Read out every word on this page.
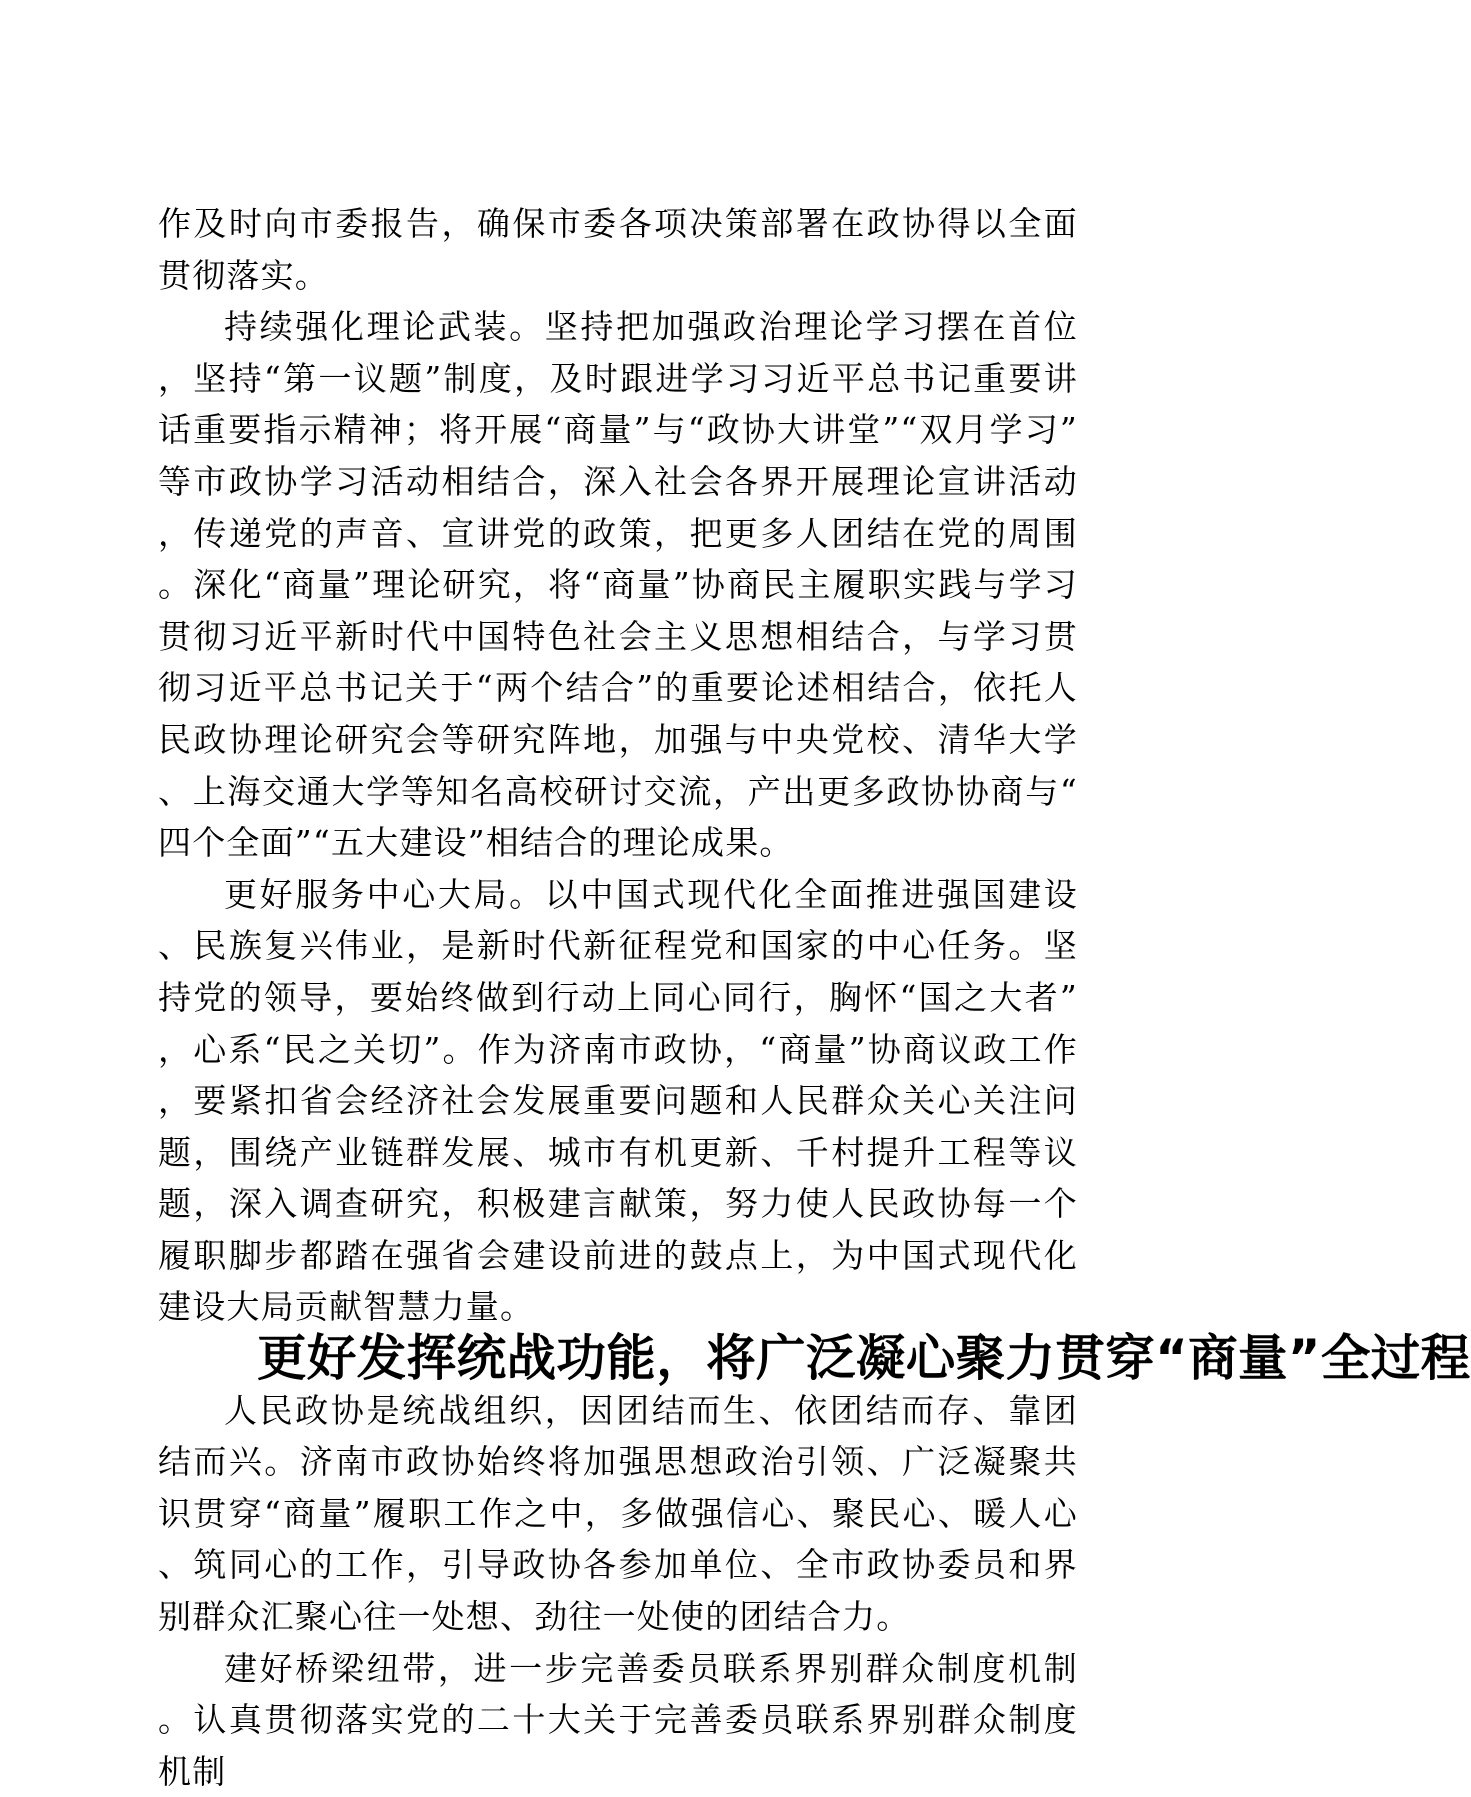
作及时向市委报告，确保市委各项决策部署在政协得以全面贯彻落实。

持续强化理论武装。坚持把加强政治理论学习摆在首位，坚持“第一议题”制度，及时跟进学习习近平总书记重要讲话重要指示精神；将开展“商量”与“政协大讲堂”“双月学习”等市政协学习活动相结合，深入社会各界开展理论宣讲活动，传递党的声音、宣讲党的政策，把更多人团结在党的周围。深化“商量”理论研究，将“商量”协商民主履职实践与学习贯彻习近平新时代中国特色社会主义思想相结合，与学习贯彻习近平总书记关于“两个结合”的重要论述相结合，依托人民政协理论研究会等研究阵地，加强与中央党校、清华大学、上海交通大学等知名高校研讨交流，产出更多政协协商与“四个全面”“五大建设”相结合的理论成果。

更好服务中心大局。以中国式现代化全面推进强国建设、民族复兴伟业，是新时代新征程党和国家的中心任务。坚持党的领导，要始终做到行动上同心同行，胸怀“国之大者”，心系“民之关切”。作为济南市政协，“商量”协商议政工作，要紧扣省会经济社会发展重要问题和人民群众关心关注问题，围绕产业链群发展、城市有机更新、千村提升工程等议题，深入调查研究，积极建言献策，努力使人民政协每一个履职脚步都踏在强省会建设前进的鼓点上，为中国式现代化建设大局贡献智慧力量。

更好发挥统战功能，将广泛凝心聚力贯穿“商量”全过程

人民政协是统战组织，因团结而生、依团结而存、靠团结而兴。济南市政协始终将加强思想政治引领、广泛凝聚共识贯穿“商量”履职工作之中，多做强信心、聚民心、暖人心、筑同心的工作，引导政协各参加单位、全市政协委员和界别群众汇聚心往一处想、劲往一处使的团结合力。

建好桥梁纽带，进一步完善委员联系界别群众制度机制。认真贯彻落实党的二十大关于完善委员联系界别群众制度机制
